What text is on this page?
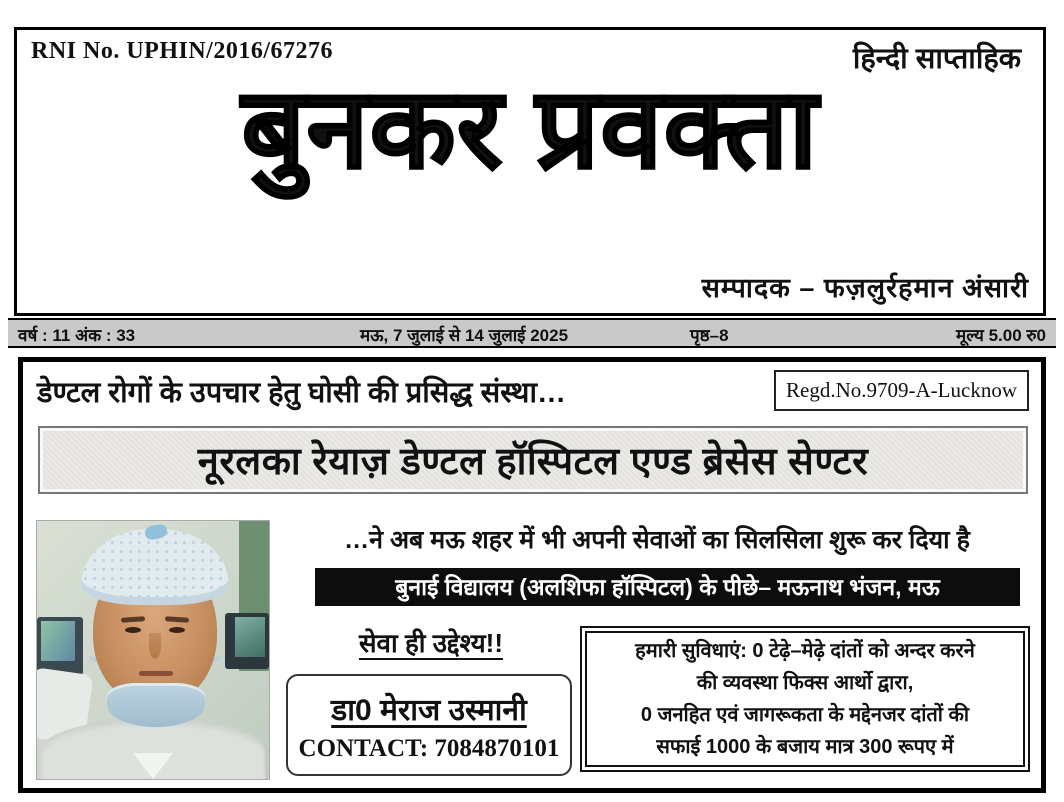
RNI No. UPHIN/2016/67276	हिन्दी साप्ताहिक
बुनकर प्रवक्ता
सम्पादक – फज़लुर्रहमान अंसारी
वर्ष : 11 अंक : 33	मऊ, 7 जुलाई से 14 जुलाई 2025	पृष्ठ–8	मूल्य 5.00 रु0
डेण्टल रोगों के उपचार हेतु घोसी की प्रसिद्ध संस्था…	Regd.No.9709-A-Lucknow
नूरलका रेयाज़ डेण्टल हॉस्पिटल एण्ड ब्रेसेस सेण्टर
…ने अब मऊ शहर में भी अपनी सेवाओं का सिलसिला शुरू कर दिया है
बुनाई विद्यालय (अलशिफा हॉस्पिटल) के पीछे– मऊनाथ भंजन, मऊ
सेवा ही उद्देश्य!!
डा0 मेराज उस्मानी
CONTACT: 7084870101
हमारी सुविधाएं: 0 टेढ़े–मेढ़े दांतों को अन्दर करने
की व्यवस्था फिक्स आर्थो द्वारा,
0 जनहित एवं जागरूकता के मद्देनजर दांतों की
सफाई 1000 के बजाय मात्र 300 रूपए में
